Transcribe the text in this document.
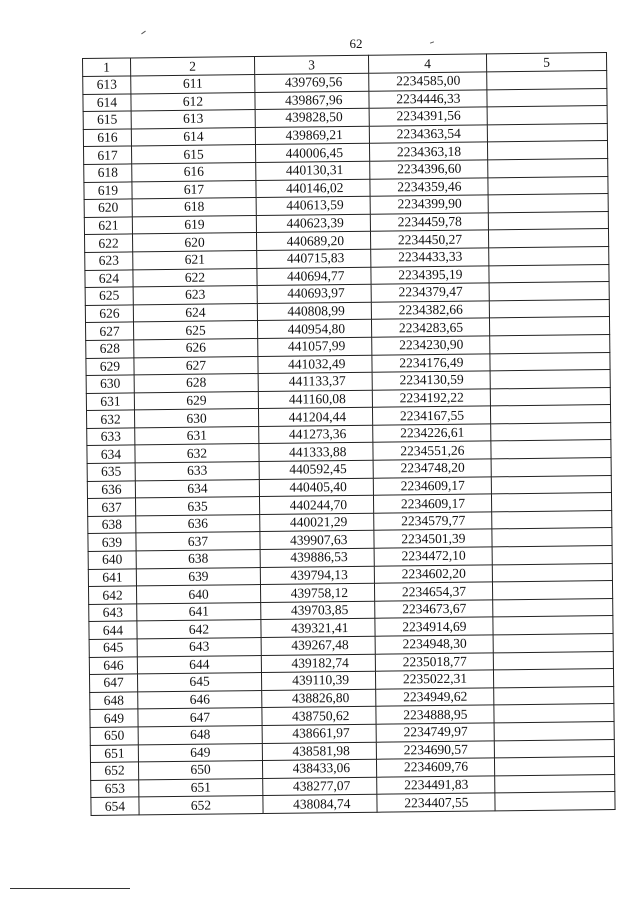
62
1	2	3	4	5
613	611	439769,56	2234585,00	
614	612	439867,96	2234446,33	
615	613	439828,50	2234391,56	
616	614	439869,21	2234363,54	
617	615	440006,45	2234363,18	
618	616	440130,31	2234396,60	
619	617	440146,02	2234359,46	
620	618	440613,59	2234399,90	
621	619	440623,39	2234459,78	
622	620	440689,20	2234450,27	
623	621	440715,83	2234433,33	
624	622	440694,77	2234395,19	
625	623	440693,97	2234379,47	
626	624	440808,99	2234382,66	
627	625	440954,80	2234283,65	
628	626	441057,99	2234230,90	
629	627	441032,49	2234176,49	
630	628	441133,37	2234130,59	
631	629	441160,08	2234192,22	
632	630	441204,44	2234167,55	
633	631	441273,36	2234226,61	
634	632	441333,88	2234551,26	
635	633	440592,45	2234748,20	
636	634	440405,40	2234609,17	
637	635	440244,70	2234609,17	
638	636	440021,29	2234579,77	
639	637	439907,63	2234501,39	
640	638	439886,53	2234472,10	
641	639	439794,13	2234602,20	
642	640	439758,12	2234654,37	
643	641	439703,85	2234673,67	
644	642	439321,41	2234914,69	
645	643	439267,48	2234948,30	
646	644	439182,74	2235018,77	
647	645	439110,39	2235022,31	
648	646	438826,80	2234949,62	
649	647	438750,62	2234888,95	
650	648	438661,97	2234749,97	
651	649	438581,98	2234690,57	
652	650	438433,06	2234609,76	
653	651	438277,07	2234491,83	
654	652	438084,74	2234407,55	
